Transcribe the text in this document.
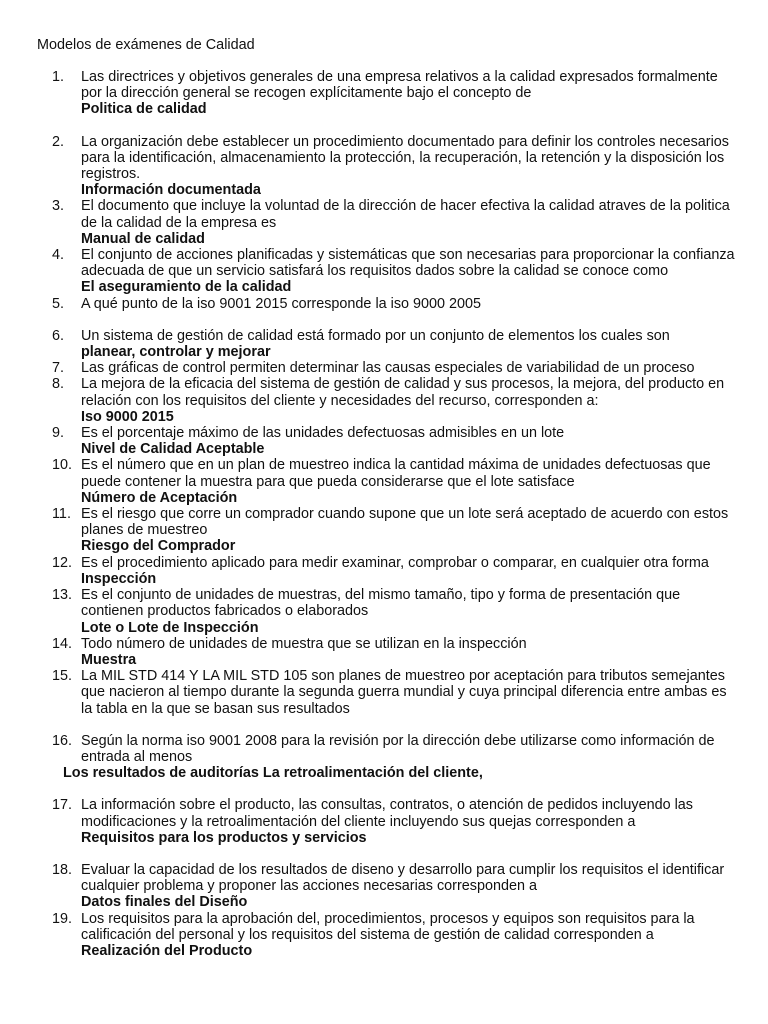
Modelos de exámenes de Calidad
1.	Las directrices y objetivos generales de una empresa relativos a la calidad expresados formalmente por la dirección general se recogen explícitamente bajo el concepto de
Politica de calidad
2.	La organización debe establecer un procedimiento documentado para definir los controles necesarios para la identificación, almacenamiento la protección, la recuperación, la retención y la disposición los registros.
Información documentada
3.	El documento que incluye la voluntad de la dirección de hacer efectiva la calidad atraves de la politica de la calidad de la empresa es
Manual de calidad
4.	El conjunto de acciones planificadas y sistemáticas que son necesarias para proporcionar la confianza adecuada de que un servicio satisfará los requisitos dados sobre la calidad se conoce como
El aseguramiento de la calidad
5.	A qué punto de la iso 9001 2015 corresponde la iso 9000 2005
6.	Un sistema de gestión de calidad está formado por un conjunto de elementos los cuales son
planear, controlar y mejorar
7.	Las gráficas de control permiten determinar las causas especiales de variabilidad de un proceso
8.	La mejora de la eficacia del sistema de gestión de calidad y sus procesos, la mejora, del producto en relación con los requisitos del cliente y necesidades del recurso, corresponden a:
Iso 9000 2015
9.	Es el porcentaje máximo de las unidades defectuosas admisibles en un lote
Nivel de Calidad Aceptable
10. Es el número que en un plan de muestreo indica la cantidad máxima de unidades defectuosas que puede contener la muestra para que pueda considerarse que el lote satisface
Número de Aceptación
11. Es el riesgo que corre un comprador cuando supone que un lote será aceptado de acuerdo con estos planes de muestreo
Riesgo del Comprador
12. Es el procedimiento aplicado para medir examinar, comprobar o comparar, en cualquier otra forma
Inspección
13. Es el conjunto de unidades de muestras, del mismo tamaño, tipo y forma de presentación que contienen productos fabricados o elaborados
Lote o Lote de Inspección
14. Todo número de unidades de muestra que se utilizan en la inspección
Muestra
15. La MIL STD 414 Y LA MIL STD 105 son planes de muestreo por aceptación para tributos semejantes que nacieron al tiempo durante la segunda guerra mundial y cuya principal diferencia entre ambas es la tabla en la que se basan sus resultados
16. Según la norma iso 9001 2008 para la revisión por la dirección debe utilizarse como información de entrada al menos
Los resultados de auditorías La retroalimentación del cliente,
17. La información sobre el producto, las consultas, contratos, o atención de pedidos incluyendo las modificaciones y la retroalimentación del cliente incluyendo sus quejas corresponden a
Requisitos para los productos y servicios
18. Evaluar la capacidad de los resultados de diseno y desarrollo para cumplir los requisitos el identificar cualquier problema y proponer las acciones necesarias corresponden a
Datos finales del Diseño
19. Los requisitos para la aprobación del, procedimientos, procesos y equipos son requisitos para la calificación del personal y los requisitos del sistema de gestión de calidad corresponden a
Realización del Producto
